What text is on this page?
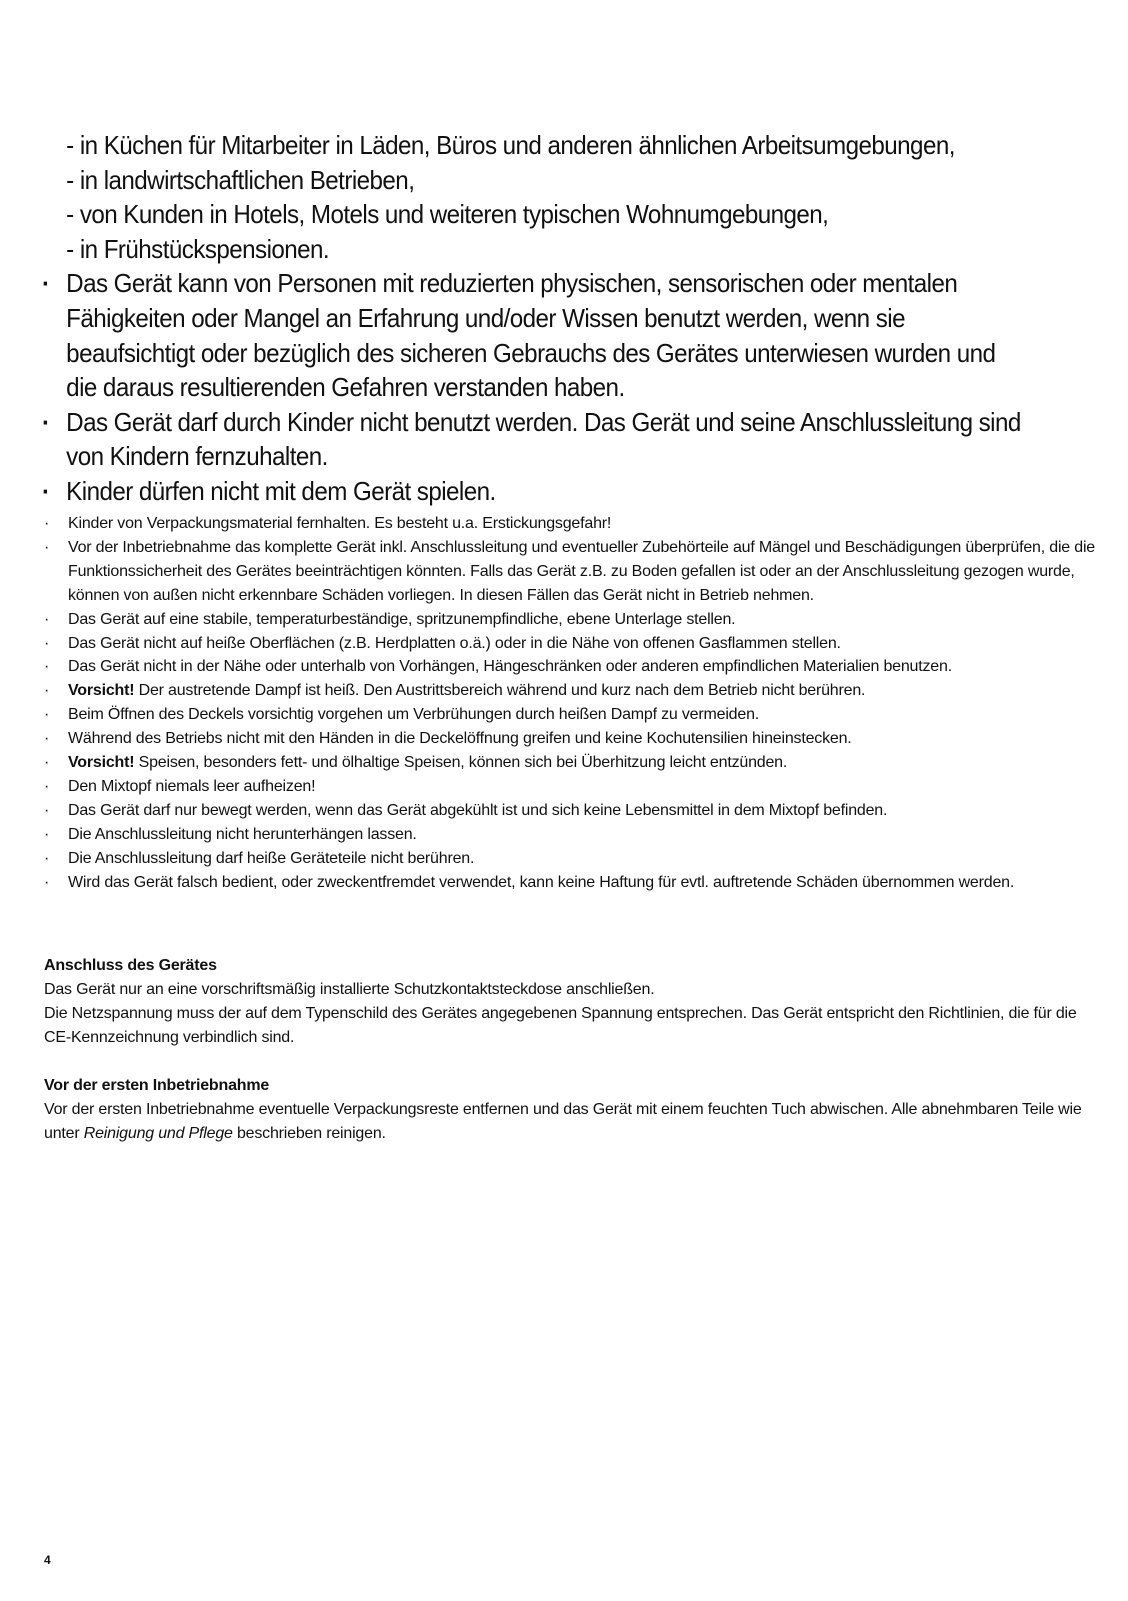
- in Küchen für Mitarbeiter in Läden, Büros und anderen ähnlichen Arbeitsumgebungen,
- in landwirtschaftlichen Betrieben,
- von Kunden in Hotels, Motels und weiteren typischen Wohnumgebungen,
- in Frühstückspensionen.
· Das Gerät kann von Personen mit reduzierten physischen, sensorischen oder mentalen Fähigkeiten oder Mangel an Erfahrung und/oder Wissen benutzt werden, wenn sie beaufsichtigt oder bezüglich des sicheren Gebrauchs des Gerätes unterwiesen wurden und die daraus resultierenden Gefahren verstanden haben.
· Das Gerät darf durch Kinder nicht benutzt werden. Das Gerät und seine Anschlussleitung sind von Kindern fernzuhalten.
· Kinder dürfen nicht mit dem Gerät spielen.
·	Kinder von Verpackungsmaterial fernhalten. Es besteht u.a. Erstickungsgefahr!
·	Vor der Inbetriebnahme das komplette Gerät inkl. Anschlussleitung und eventueller Zubehörteile auf Mängel und Beschädigungen überprüfen, die die Funktionssicherheit des Gerätes beeinträchtigen könnten. Falls das Gerät z.B. zu Boden gefallen ist oder an der Anschlussleitung gezogen wurde, können von außen nicht erkennbare Schäden vorliegen. In diesen Fällen das Gerät nicht in Betrieb nehmen.
·	Das Gerät auf eine stabile, temperaturbeständige, spritzunempfindliche, ebene Unterlage stellen.
·	Das Gerät nicht auf heiße Oberflächen (z.B. Herdplatten o.ä.) oder in die Nähe von offenen Gasflammen stellen.
·	Das Gerät nicht in der Nähe oder unterhalb von Vorhängen, Hängeschränken oder anderen empfindlichen Materialien benutzen.
·	Vorsicht! Der austretende Dampf ist heiß. Den Austrittsbereich während und kurz nach dem Betrieb nicht berühren.
·	Beim Öffnen des Deckels vorsichtig vorgehen um Verbrühungen durch heißen Dampf zu vermeiden.
·	Während des Betriebs nicht mit den Händen in die Deckelöffnung greifen und keine Kochutensilien hineinstecken.
·	Vorsicht! Speisen, besonders fett- und ölhaltige Speisen, können sich bei Überhitzung leicht entzünden.
·	Den Mixtopf niemals leer aufheizen!
·	Das Gerät darf nur bewegt werden, wenn das Gerät abgekühlt ist und sich keine Lebensmittel in dem Mixtopf befinden.
·	Die Anschlussleitung nicht herunterhängen lassen.
·	Die Anschlussleitung darf heiße Geräteteile nicht berühren.
·	Wird das Gerät falsch bedient, oder zweckentfremdet verwendet, kann keine Haftung für evtl. auftretende Schäden übernommen werden.
Anschluss des Gerätes
Das Gerät nur an eine vorschriftsmäßig installierte Schutzkontaktsteckdose anschließen.
Die Netzspannung muss der auf dem Typenschild des Gerätes angegebenen Spannung entsprechen. Das Gerät entspricht den Richtlinien, die für die CE-Kennzeichnung verbindlich sind.
Vor der ersten Inbetriebnahme
Vor der ersten Inbetriebnahme eventuelle Verpackungsreste entfernen und das Gerät mit einem feuchten Tuch abwischen. Alle abnehmbaren Teile wie unter Reinigung und Pflege beschrieben reinigen.
4
